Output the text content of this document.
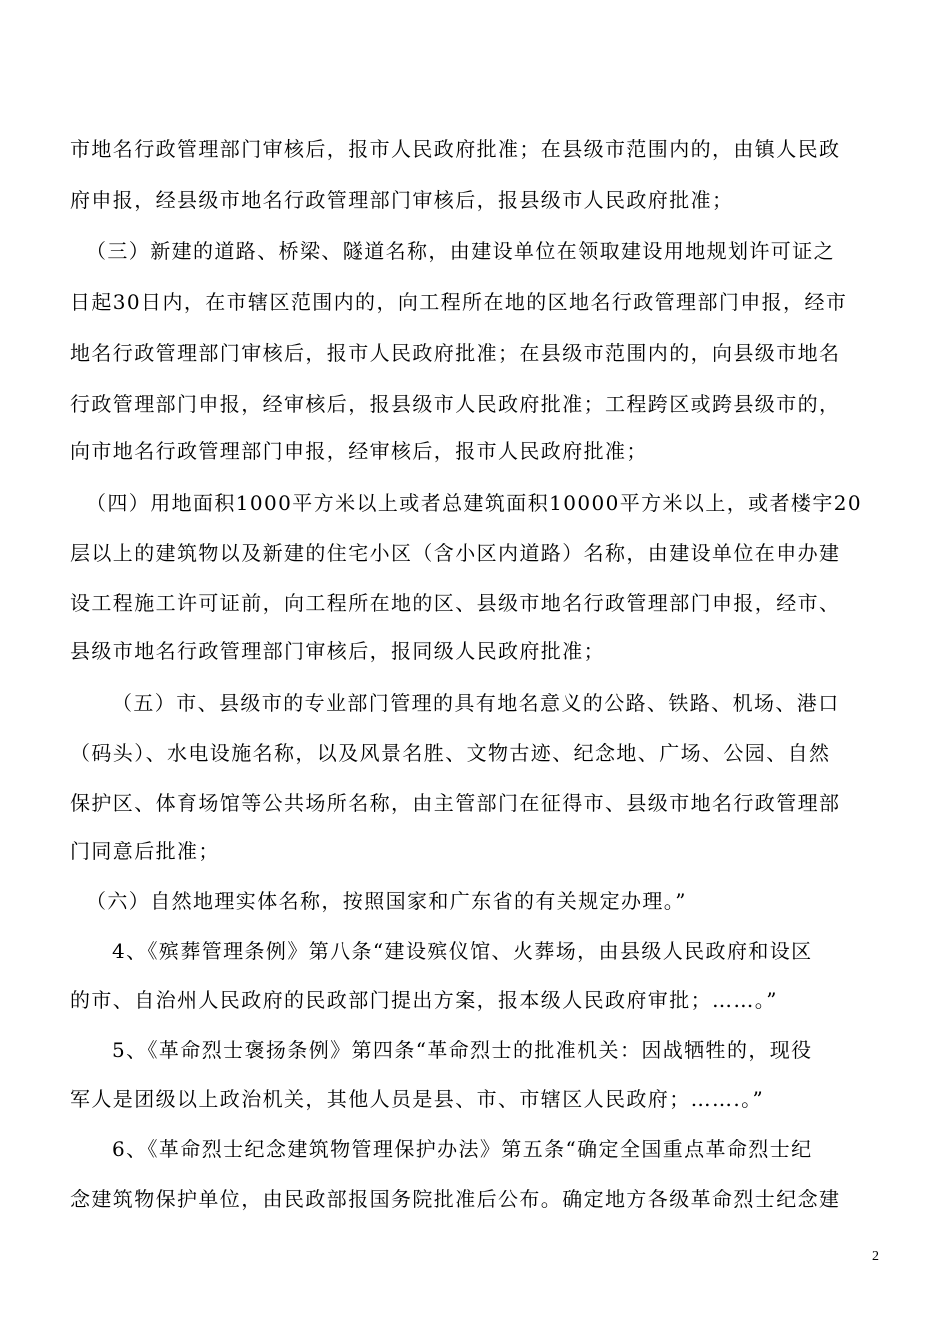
市地名行政管理部门审核后，报市人民政府批准；在县级市范围内的，由镇人民政
府申报，经县级市地名行政管理部门审核后，报县级市人民政府批准；
（三）新建的道路、桥梁、隧道名称，由建设单位在领取建设用地规划许可证之
日起30日内，在市辖区范围内的，向工程所在地的区地名行政管理部门申报，经市
地名行政管理部门审核后，报市人民政府批准；在县级市范围内的，向县级市地名
行政管理部门申报，经审核后，报县级市人民政府批准；工程跨区或跨县级市的，
向市地名行政管理部门申报，经审核后，报市人民政府批准；
（四）用地面积1000平方米以上或者总建筑面积10000平方米以上，或者楼宇20
层以上的建筑物以及新建的住宅小区（含小区内道路）名称，由建设单位在申办建
设工程施工许可证前，向工程所在地的区、县级市地名行政管理部门申报，经市、
县级市地名行政管理部门审核后，报同级人民政府批准；
（五）市、县级市的专业部门管理的具有地名意义的公路、铁路、机场、港口
（码头）、水电设施名称，以及风景名胜、文物古迹、纪念地、广场、公园、自然
保护区、体育场馆等公共场所名称，由主管部门在征得市、县级市地名行政管理部
门同意后批准；
（六）自然地理实体名称，按照国家和广东省的有关规定办理。”
4、《殡葬管理条例》第八条“建设殡仪馆、火葬场，由县级人民政府和设区
的市、自治州人民政府的民政部门提出方案，报本级人民政府审批；……。”
5、《革命烈士褒扬条例》第四条“革命烈士的批准机关：因战牺牲的，现役
军人是团级以上政治机关，其他人员是县、市、市辖区人民政府；…….。”
6、《革命烈士纪念建筑物管理保护办法》第五条“确定全国重点革命烈士纪
念建筑物保护单位，由民政部报国务院批准后公布。确定地方各级革命烈士纪念建
2
